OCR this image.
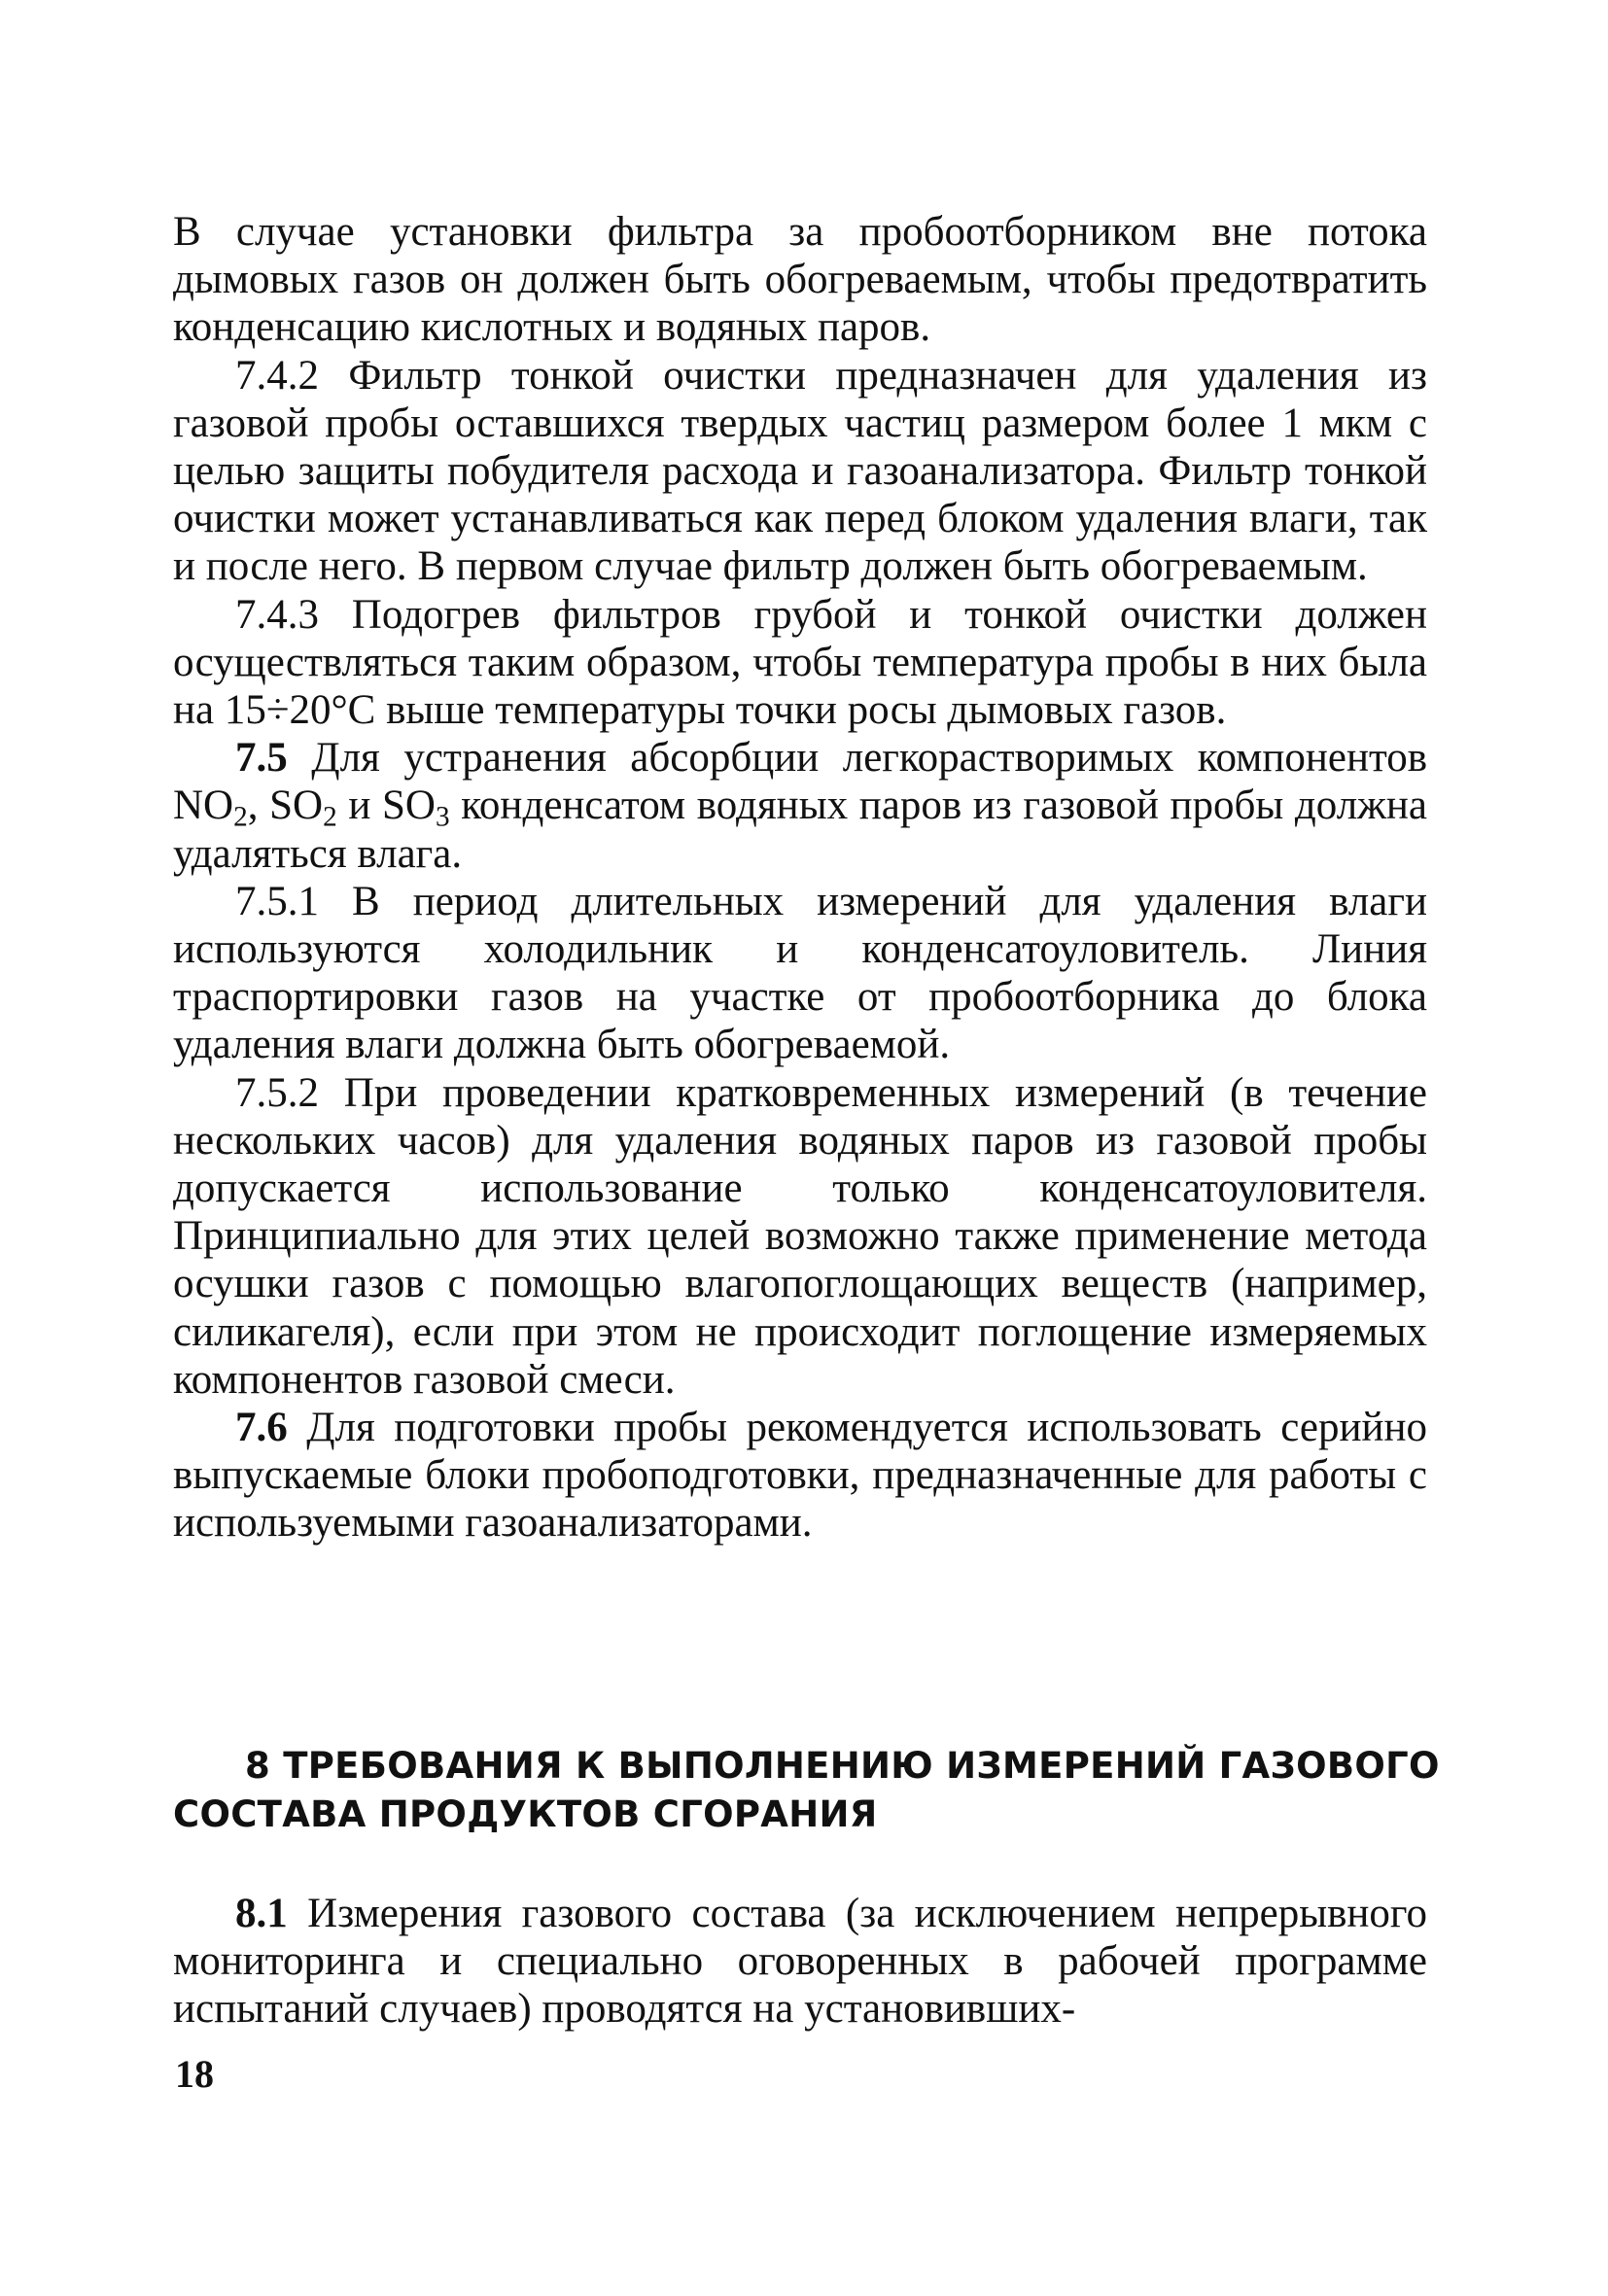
В случае установки фильтра за пробоотборником вне потока дымовых газов он должен быть обогреваемым, чтобы предотвратить конденсацию кислотных и водяных паров.

7.4.2 Фильтр тонкой очистки предназначен для удаления из газовой пробы оставшихся твердых частиц размером более 1 мкм с целью защиты побудителя расхода и газоанализатора. Фильтр тонкой очистки может устанавливаться как перед блоком удаления влаги, так и после него. В первом случае фильтр должен быть обогреваемым.

7.4.3 Подогрев фильтров грубой и тонкой очистки должен осуществляться таким образом, чтобы температура пробы в них была на 15÷20°С выше температуры точки росы дымовых газов.

7.5 Для устранения абсорбции легкорастворимых компонентов $NO_2$, $SO_2$ и $SO_3$ конденсатом водяных паров из газовой пробы должна удаляться влага.

7.5.1 В период длительных измерений для удаления влаги используются холодильник и конденсатоуловитель. Линия траспортировки газов на участке от пробоотборника до блока удаления влаги должна быть обогреваемой.

7.5.2 При проведении кратковременных измерений (в течение нескольких часов) для удаления водяных паров из газовой пробы допускается использование только конденсатоуловителя. Принципиально для этих целей возможно также применение метода осушки газов с помощью влагопоглощающих веществ (например, силикагеля), если при этом не происходит поглощение измеряемых компонентов газовой смеси.

7.6 Для подготовки пробы рекомендуется использовать серийно выпускаемые блоки пробоподготовки, предназначенные для работы с используемыми газоанализаторами.

8 ТРЕБОВАНИЯ К ВЫПОЛНЕНИЮ ИЗМЕРЕНИЙ ГАЗОВОГО
СОСТАВА ПРОДУКТОВ СГОРАНИЯ

8.1 Измерения газового состава (за исключением непрерывного мониторинга и специально оговоренных в рабочей программе испытаний случаев) проводятся на установивших-

18
